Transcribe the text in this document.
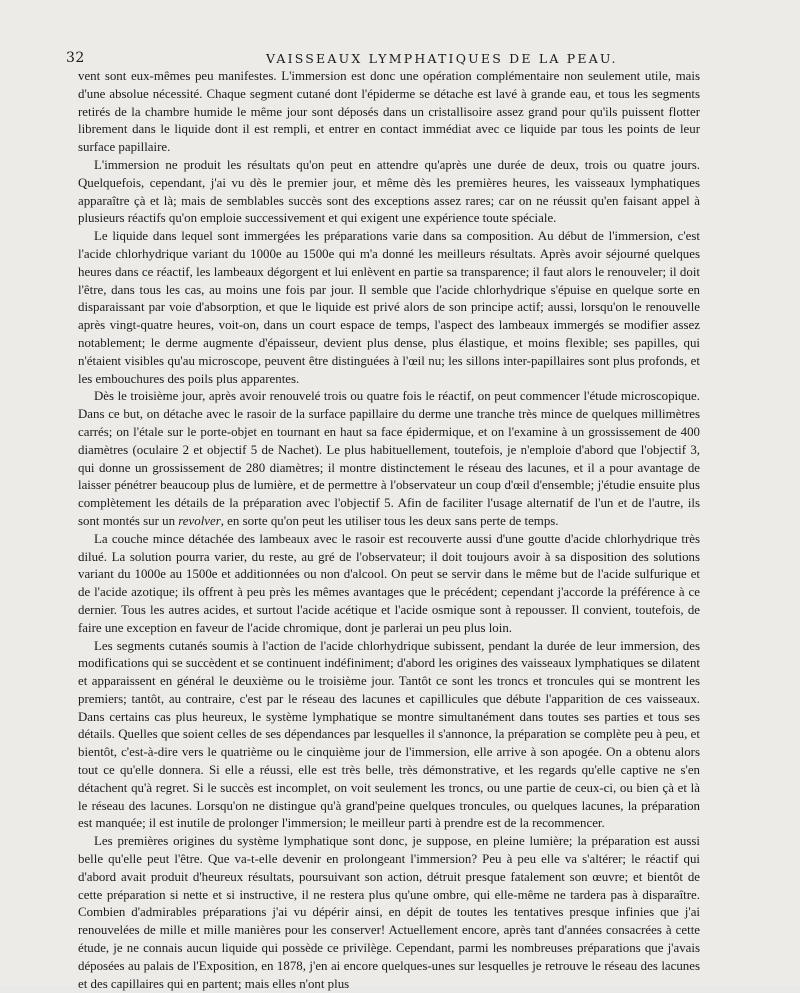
32	VAISSEAUX LYMPHATIQUES DE LA PEAU.

vent sont eux-mêmes peu manifestes. L'immersion est donc une opération complémentaire non seulement utile, mais d'une absolue nécessité. Chaque segment cutané dont l'épiderme se détache est lavé à grande eau, et tous les segments retirés de la chambre humide le même jour sont déposés dans un cristallisoire assez grand pour qu'ils puissent flotter librement dans le liquide dont il est rempli, et entrer en contact immédiat avec ce liquide par tous les points de leur surface papillaire.

L'immersion ne produit les résultats qu'on peut en attendre qu'après une durée de deux, trois ou quatre jours. Quelquefois, cependant, j'ai vu dès le premier jour, et même dès les premières heures, les vaisseaux lymphatiques apparaître çà et là; mais de semblables succès sont des exceptions assez rares; car on ne réussit qu'en faisant appel à plusieurs réactifs qu'on emploie successivement et qui exigent une expérience toute spéciale.

Le liquide dans lequel sont immergées les préparations varie dans sa composition. Au début de l'immersion, c'est l'acide chlorhydrique variant du 1000e au 1500e qui m'a donné les meilleurs résultats. Après avoir séjourné quelques heures dans ce réactif, les lambeaux dégorgent et lui enlèvent en partie sa transparence; il faut alors le renouveler; il doit l'être, dans tous les cas, au moins une fois par jour. Il semble que l'acide chlorhydrique s'épuise en quelque sorte en disparaissant par voie d'absorption, et que le liquide est privé alors de son principe actif; aussi, lorsqu'on le renouvelle après vingt-quatre heures, voit-on, dans un court espace de temps, l'aspect des lambeaux immergés se modifier assez notablement; le derme augmente d'épaisseur, devient plus dense, plus élastique, et moins flexible; ses papilles, qui n'étaient visibles qu'au microscope, peuvent être distinguées à l'œil nu; les sillons inter-papillaires sont plus profonds, et les embouchures des poils plus apparentes.

Dès le troisième jour, après avoir renouvelé trois ou quatre fois le réactif, on peut commencer l'étude microscopique. Dans ce but, on détache avec le rasoir de la surface papillaire du derme une tranche très mince de quelques millimètres carrés; on l'étale sur le porte-objet en tournant en haut sa face épidermique, et on l'examine à un grossissement de 400 diamètres (oculaire 2 et objectif 5 de Nachet). Le plus habituellement, toutefois, je n'emploie d'abord que l'objectif 3, qui donne un grossissement de 280 diamètres; il montre distinctement le réseau des lacunes, et il a pour avantage de laisser pénétrer beaucoup plus de lumière, et de permettre à l'observateur un coup d'œil d'ensemble; j'étudie ensuite plus complètement les détails de la préparation avec l'objectif 5. Afin de faciliter l'usage alternatif de l'un et de l'autre, ils sont montés sur un revolver, en sorte qu'on peut les utiliser tous les deux sans perte de temps.

La couche mince détachée des lambeaux avec le rasoir est recouverte aussi d'une goutte d'acide chlorhydrique très dilué. La solution pourra varier, du reste, au gré de l'observateur; il doit toujours avoir à sa disposition des solutions variant du 1000e au 1500e et additionnées ou non d'alcool. On peut se servir dans le même but de l'acide sulfurique et de l'acide azotique; ils offrent à peu près les mêmes avantages que le précédent; cependant j'accorde la préférence à ce dernier. Tous les autres acides, et surtout l'acide acétique et l'acide osmique sont à repousser. Il convient, toutefois, de faire une exception en faveur de l'acide chromique, dont je parlerai un peu plus loin.

Les segments cutanés soumis à l'action de l'acide chlorhydrique subissent, pendant la durée de leur immersion, des modifications qui se succèdent et se continuent indéfiniment; d'abord les origines des vaisseaux lymphatiques se dilatent et apparaissent en général le deuxième ou le troisième jour. Tantôt ce sont les troncs et troncules qui se montrent les premiers; tantôt, au contraire, c'est par le réseau des lacunes et capillicules que débute l'apparition de ces vaisseaux. Dans certains cas plus heureux, le système lymphatique se montre simultanément dans toutes ses parties et tous ses détails. Quelles que soient celles de ses dépendances par lesquelles il s'annonce, la préparation se complète peu à peu, et bientôt, c'est-à-dire vers le quatrième ou le cinquième jour de l'immersion, elle arrive à son apogée. On a obtenu alors tout ce qu'elle donnera. Si elle a réussi, elle est très belle, très démonstrative, et les regards qu'elle captive ne s'en détachent qu'à regret. Si le succès est incomplet, on voit seulement les troncs, ou une partie de ceux-ci, ou bien çà et là le réseau des lacunes. Lorsqu'on ne distingue qu'à grand'peine quelques troncules, ou quelques lacunes, la préparation est manquée; il est inutile de prolonger l'immersion; le meilleur parti à prendre est de la recommencer.

Les premières origines du système lymphatique sont donc, je suppose, en pleine lumière; la préparation est aussi belle qu'elle peut l'être. Que va-t-elle devenir en prolongeant l'immersion? Peu à peu elle va s'altérer; le réactif qui d'abord avait produit d'heureux résultats, poursuivant son action, détruit presque fatalement son œuvre; et bientôt de cette préparation si nette et si instructive, il ne restera plus qu'une ombre, qui elle-même ne tardera pas à disparaître. Combien d'admirables préparations j'ai vu dépérir ainsi, en dépit de toutes les tentatives presque infinies que j'ai renouvelées de mille et mille manières pour les conserver! Actuellement encore, après tant d'années consacrées à cette étude, je ne connais aucun liquide qui possède ce privilège. Cependant, parmi les nombreuses préparations que j'avais déposées au palais de l'Exposition, en 1878, j'en ai encore quelques-unes sur lesquelles je retrouve le réseau des lacunes et des capillaires qui en partent; mais elles n'ont plus
